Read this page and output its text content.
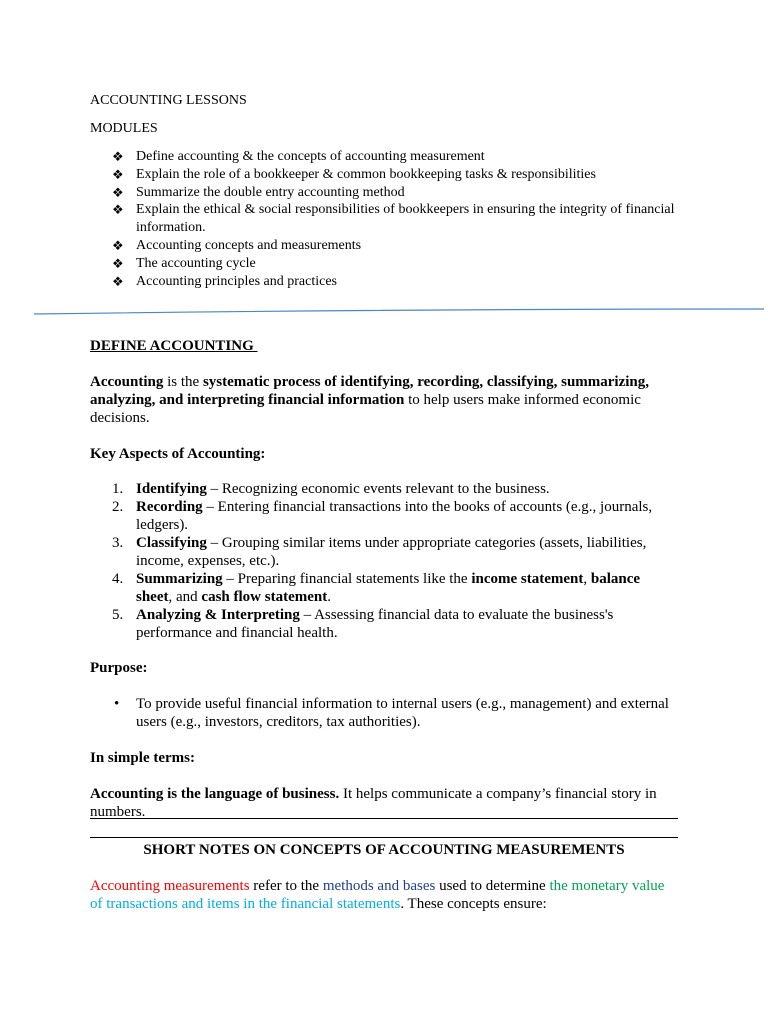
ACCOUNTING LESSONS
MODULES
❖ Define accounting & the concepts of accounting measurement
❖ Explain the role of a bookkeeper & common bookkeeping tasks & responsibilities
❖ Summarize the double entry accounting method
❖ Explain the ethical & social responsibilities of bookkeepers in ensuring the integrity of financial information.
❖ Accounting concepts and measurements
❖ The accounting cycle
❖ Accounting principles and practices
DEFINE ACCOUNTING
Accounting is the systematic process of identifying, recording, classifying, summarizing, analyzing, and interpreting financial information to help users make informed economic decisions.
Key Aspects of Accounting:
1. Identifying – Recognizing economic events relevant to the business.
2. Recording – Entering financial transactions into the books of accounts (e.g., journals, ledgers).
3. Classifying – Grouping similar items under appropriate categories (assets, liabilities, income, expenses, etc.).
4. Summarizing – Preparing financial statements like the income statement, balance sheet, and cash flow statement.
5. Analyzing & Interpreting – Assessing financial data to evaluate the business's performance and financial health.
Purpose:
• To provide useful financial information to internal users (e.g., management) and external users (e.g., investors, creditors, tax authorities).
In simple terms:
Accounting is the language of business. It helps communicate a company’s financial story in numbers.
SHORT NOTES ON CONCEPTS OF ACCOUNTING MEASUREMENTS
Accounting measurements refer to the methods and bases used to determine the monetary value of transactions and items in the financial statements. These concepts ensure:
